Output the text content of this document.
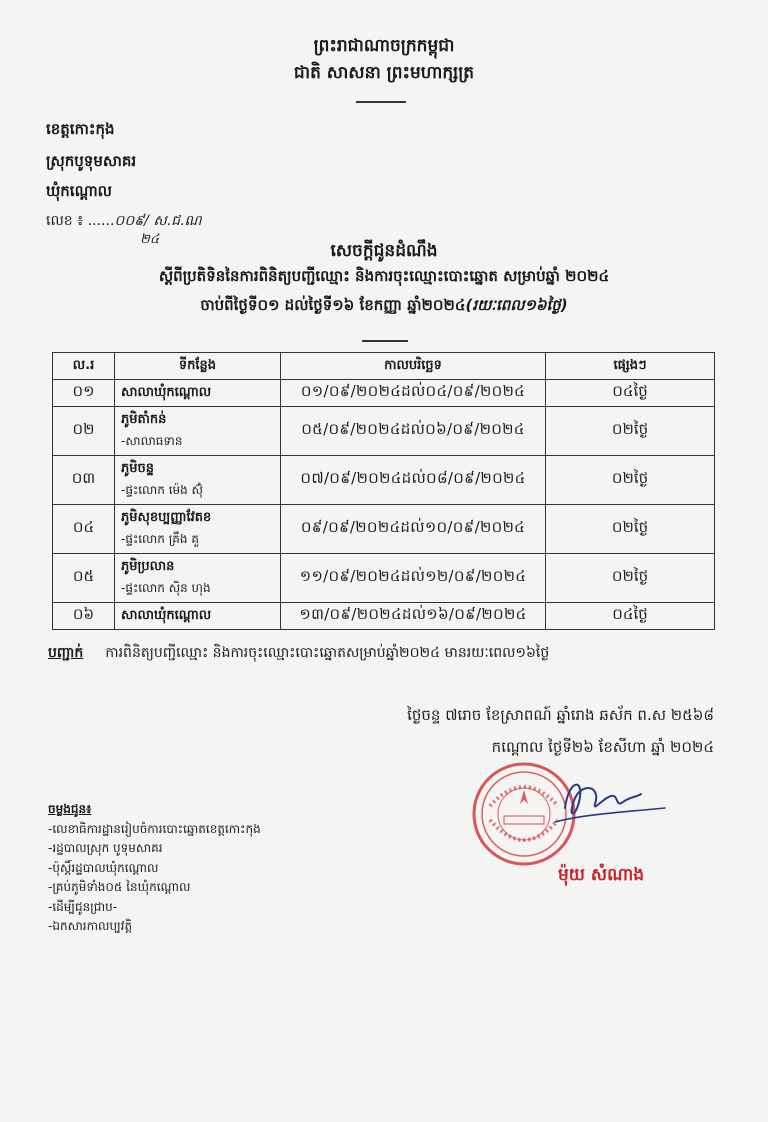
ព្រះរាជាណាចក្រកម្ពុជា
ជាតិ សាសនា ព្រះមហាក្សត្រ
ខេត្តកោះកុង
ស្រុកបូទុមសាគរ
ឃុំកណ្ដោល
លេខ ៖ ......០០៩/ ស.ជ.ណ
២៤
សេចក្តីជូនដំណឹង
ស្តីពីប្រតិទិននៃការពិនិត្យបញ្ជីឈ្មោះ និងការចុះឈ្មោះបោះឆ្នោត សម្រាប់ឆ្នាំ ២០២៤
ចាប់ពីថ្ងៃទី០១ ដល់ថ្ងៃទី១៦ ខែកញ្ញា ឆ្នាំ២០២៤(រយៈពេល១៦ថ្ងៃ)
ល.រ	ទីកន្លែង	កាលបរិច្ឆេទ	ផ្សេងៗ
០១	សាលាឃុំកណ្ដោល	០១/០៩/២០២៤ដល់០៤/០៩/២០២៤	០៤ថ្ងៃ
០២	ភូមិតាំកន់
-សាលាធទាន	០៥/០៩/២០២៤ដល់០៦/០៩/២០២៤	០២ថ្ងៃ
០៣	ភូមិចន្ទ
-ផ្ទះលោក ម៉េង ស៊ុំ	០៧/០៩/២០២៤ដល់០៨/០៩/២០២៤	០២ថ្ងៃ
០៤	ភូមិសុខប្បញ្ញាវែតខ
-ផ្ទះលោក គ្រឹង គួ	០៩/០៩/២០២៤ដល់១០/០៩/២០២៤	០២ថ្ងៃ
០៥	ភូមិប្រលាន
-ផ្ទះលោក ស៊ិន ហុង	១១/០៩/២០២៤ដល់១២/០៩/២០២៤	០២ថ្ងៃ
០៦	សាលាឃុំកណ្ដោល	១៣/០៩/២០២៤ដល់១៦/០៩/២០២៤	០៤ថ្ងៃ
បញ្ជាក់ ការពិនិត្យបញ្ជីឈ្មោះ និងការចុះឈ្មោះបោះឆ្នោតសម្រាប់ឆ្នាំ២០២៤ មានរយៈពេល១៦ថ្ងៃ
ថ្ងៃចន្ទ ៧រោច ខែស្រាពណ៍ ឆ្នាំរោង ឆស័ក ព.ស ២៥៦៨
កណ្ដោល ថ្ងៃទី២៦ ខែសីហា ឆ្នាំ ២០២៤
ម៉ុយ សំណាង
ចម្លងជូន៖
-លេខាធិការដ្ឋានរៀបចំការបោះឆ្នោតខេត្តកោះកុង
-រដ្ឋបាលស្រុក បូទុមសាគរ
-ប៉ុស្តិ៍រដ្ឋបាលឃុំកណ្ដោល
-គ្រប់ភូមិទាំង០៥ នៃឃុំកណ្ដោល
-ដើម្បីជូនជ្រាប-
-ឯកសារកាលប្បវត្តិ
